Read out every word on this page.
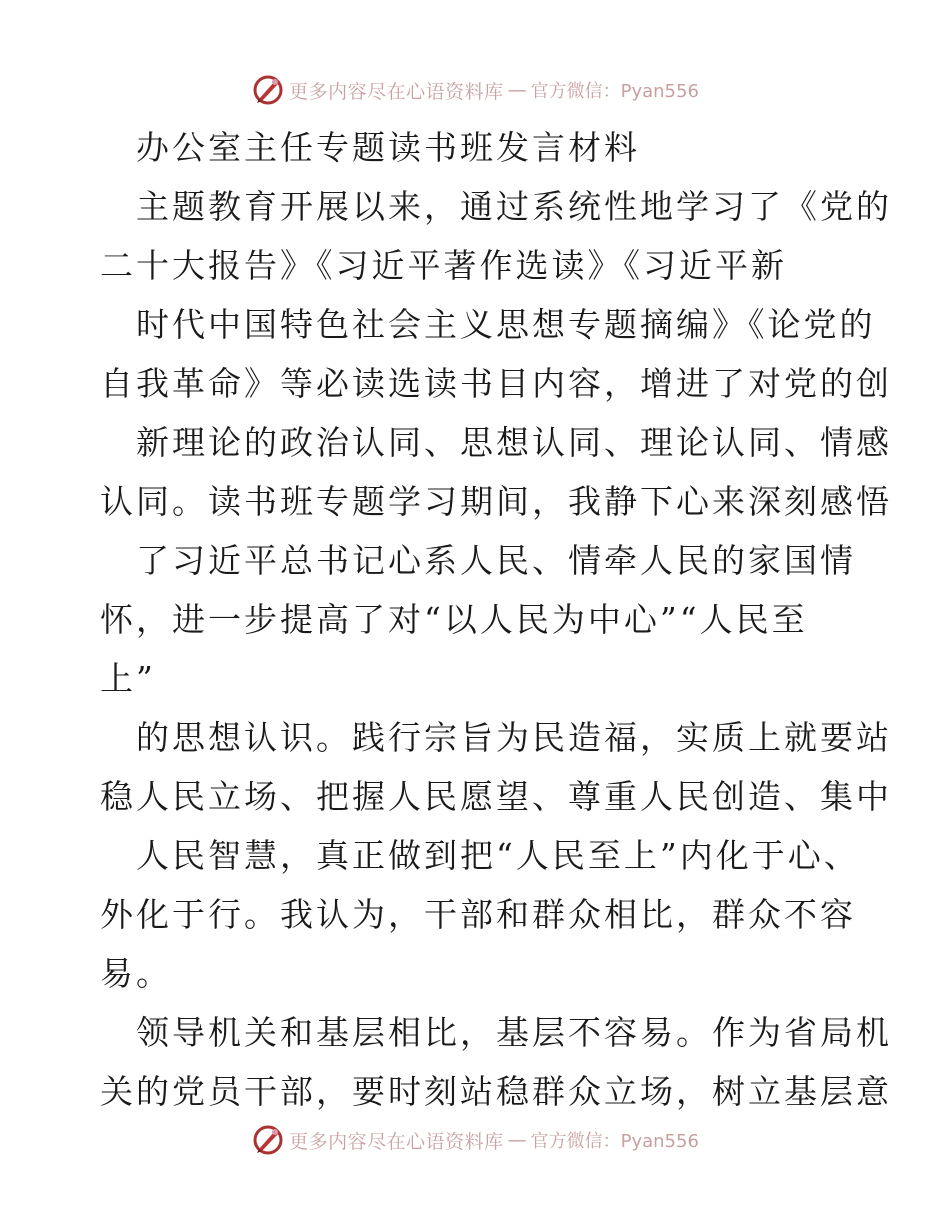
更多内容尽在心语资料库 — 官方微信：Pyan556
办公室主任专题读书班发言材料
主题教育开展以来，通过系统性地学习了《党的
二十大报告》《习近平著作选读》《习近平新
时代中国特色社会主义思想专题摘编》《论党的
自我革命》等必读选读书目内容，增进了对党的创
新理论的政治认同、思想认同、理论认同、情感
认同。读书班专题学习期间，我静下心来深刻感悟
了习近平总书记心系人民、情牵人民的家国情
怀，进一步提高了对“以人民为中心”“人民至
上”
的思想认识。践行宗旨为民造福，实质上就要站
稳人民立场、把握人民愿望、尊重人民创造、集中
人民智慧，真正做到把“人民至上”内化于心、
外化于行。我认为，干部和群众相比，群众不容
易。
领导机关和基层相比，基层不容易。作为省局机
关的党员干部，要时刻站稳群众立场，树立基层意
更多内容尽在心语资料库 — 官方微信：Pyan556
